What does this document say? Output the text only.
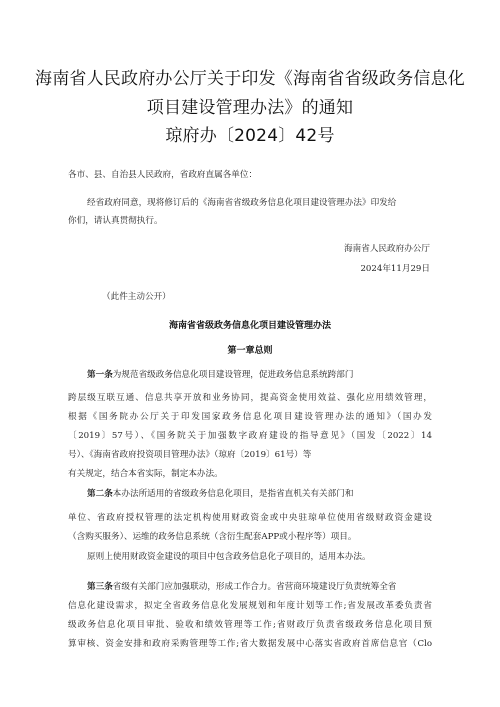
海南省人民政府办公厅关于印发《海南省省级政务信息化
项目建设管理办法》的通知
琼府办〔2024〕42号
各市、县、自治县人民政府，省政府直属各单位：
经省政府同意，现将修订后的《海南省省级政务信息化项目建设管理办法》印发给
你们，请认真贯彻执行。
海南省人民政府办公厅
2024年11月29日
（此件主动公开）
海南省省级政务信息化项目建设管理办法
第一章总则
第一条为规范省级政务信息化项目建设管理，促进政务信息系统跨部门
跨层级互联互通、信息共享开放和业务协同，提高资金使用效益、强化应用绩效管理，
根据《国务院办公厅关于印发国家政务信息化项目建设管理办法的通知》（国办发
〔2019〕57号）、《国务院关于加强数字政府建设的指导意见》（国发〔2022〕14
号）、《海南省政府投资项目管理办法》（琼府〔2019〕61号）等
有关规定，结合本省实际，制定本办法。
第二条本办法所适用的省级政务信息化项目，是指省直机关有关部门和
单位、省政府授权管理的法定机构使用财政资金或中央驻琼单位使用省级财政资金建设
（含购买服务）、运维的政务信息系统（含衍生配套APP或小程序等）项目。
原则上使用财政资金建设的项目中包含政务信息化子项目的，适用本办法。
第三条省级有关部门应加强联动，形成工作合力。省营商环境建设厅负责统筹全省
信息化建设需求，拟定全省政务信息化发展规划和年度计划等工作;省发展改革委负责省
级政务信息化项目审批、验收和绩效管理等工作;省财政厅负责省级政务信息化项目预
算审核、资金安排和政府采购管理等工作;省大数据发展中心落实省政府首席信息官（Clo
